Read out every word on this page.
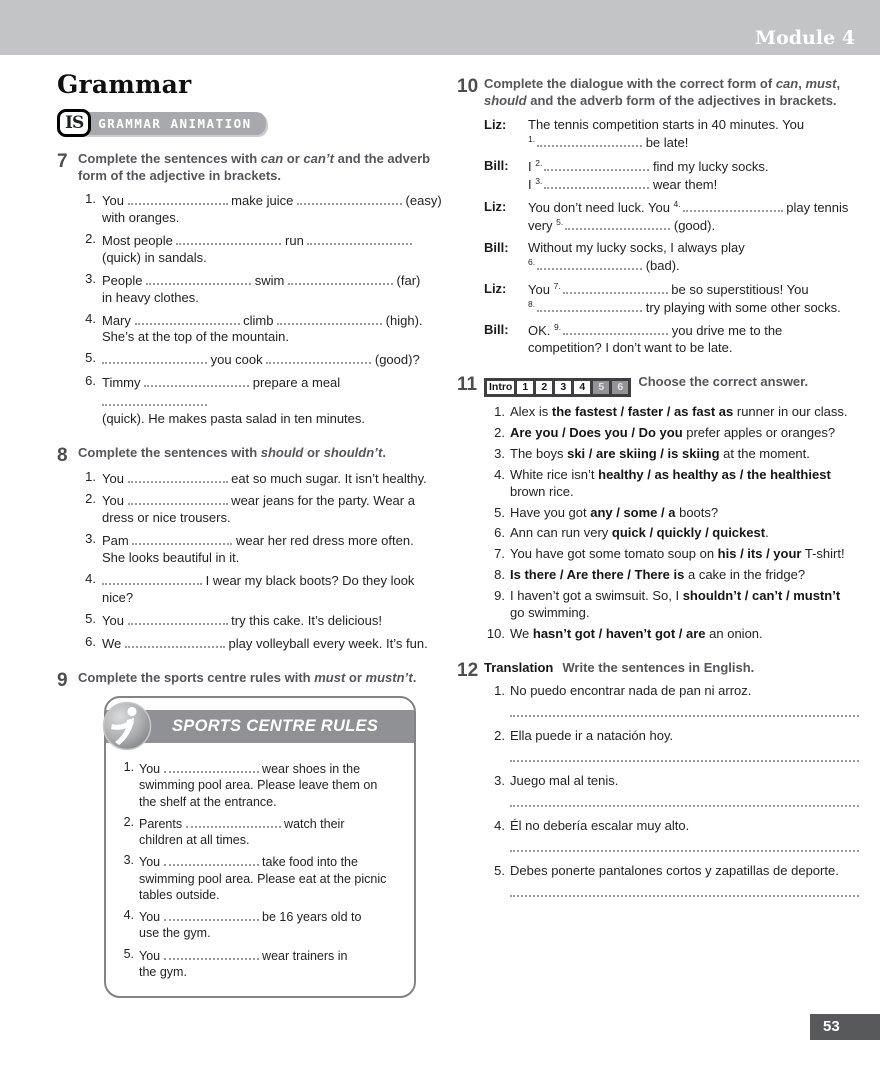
Module 4
Grammar
IS	GRAMMAR ANIMATION
7 Complete the sentences with can or can’t and the adverb form of the adjective in brackets.
1. You	make juice	(easy)
with oranges.
2. Most people	run
(quick) in sandals.
3. People	swim	(far)
in heavy clothes.
4. Mary	climb	(high).
She’s at the top of the mountain.
5.	you cook	(good)?
6. Timmy	prepare a meal
(quick). He makes pasta salad in ten minutes.
8 Complete the sentences with should or shouldn’t.
1. You	eat so much sugar. It isn’t healthy.
2. You	wear jeans for the party. Wear a
dress or nice trousers.
3. Pam	wear her red dress more often.
She looks beautiful in it.
4.	I wear my black boots? Do they look
nice?
5. You	try this cake. It’s delicious!
6. We	play volleyball every week. It’s fun.
9 Complete the sports centre rules with must or mustn’t.
SPORTS CENTRE RULES
1. You	wear shoes in the
swimming pool area. Please leave them on
the shelf at the entrance.
2. Parents	watch their
children at all times.
3. You	take food into the
swimming pool area. Please eat at the picnic
tables outside.
4. You	be 16 years old to
use the gym.
5. You	wear trainers in
the gym.
10 Complete the dialogue with the correct form of can, must, should and the adverb form of the adjectives in brackets.
Liz:	The tennis competition starts in 40 minutes. You
$^{1.}$	be late!
Bill:	I $^{2.}$	find my lucky socks.
I $^{3.}$	wear them!
Liz:	You don’t need luck. You $^{4.}$	play tennis
very $^{5.}$	(good).
Bill:	Without my lucky socks, I always play
$^{6.}$	(bad).
Liz:	You $^{7.}$	be so superstitious! You
$^{8.}$	try playing with some other socks.
Bill:	OK. $^{9.}$	you drive me to the
competition? I don’t want to be late.
11	Intro 1	2	3	4	5	6	Choose the correct answer.
1. Alex is the fastest / faster / as fast as runner in our class.
2. Are you / Does you / Do you prefer apples or oranges?
3. The boys ski / are skiing / is skiing at the moment.
4. White rice isn’t healthy / as healthy as / the healthiest
brown rice.
5. Have you got any / some / a boots?
6. Ann can run very quick / quickly / quickest.
7. You have got some tomato soup on his / its / your T-shirt!
8. Is there / Are there / There is a cake in the fridge?
9. I haven’t got a swimsuit. So, I shouldn’t / can’t / mustn’t
go swimming.
10. We hasn’t got / haven’t got / are an onion.
12 Translation Write the sentences in English.
1. No puedo encontrar nada de pan ni arroz.
2. Ella puede ir a natación hoy.
3. Juego mal al tenis.
4. Él no debería escalar muy alto.
5. Debes ponerte pantalones cortos y zapatillas de deporte.
53
